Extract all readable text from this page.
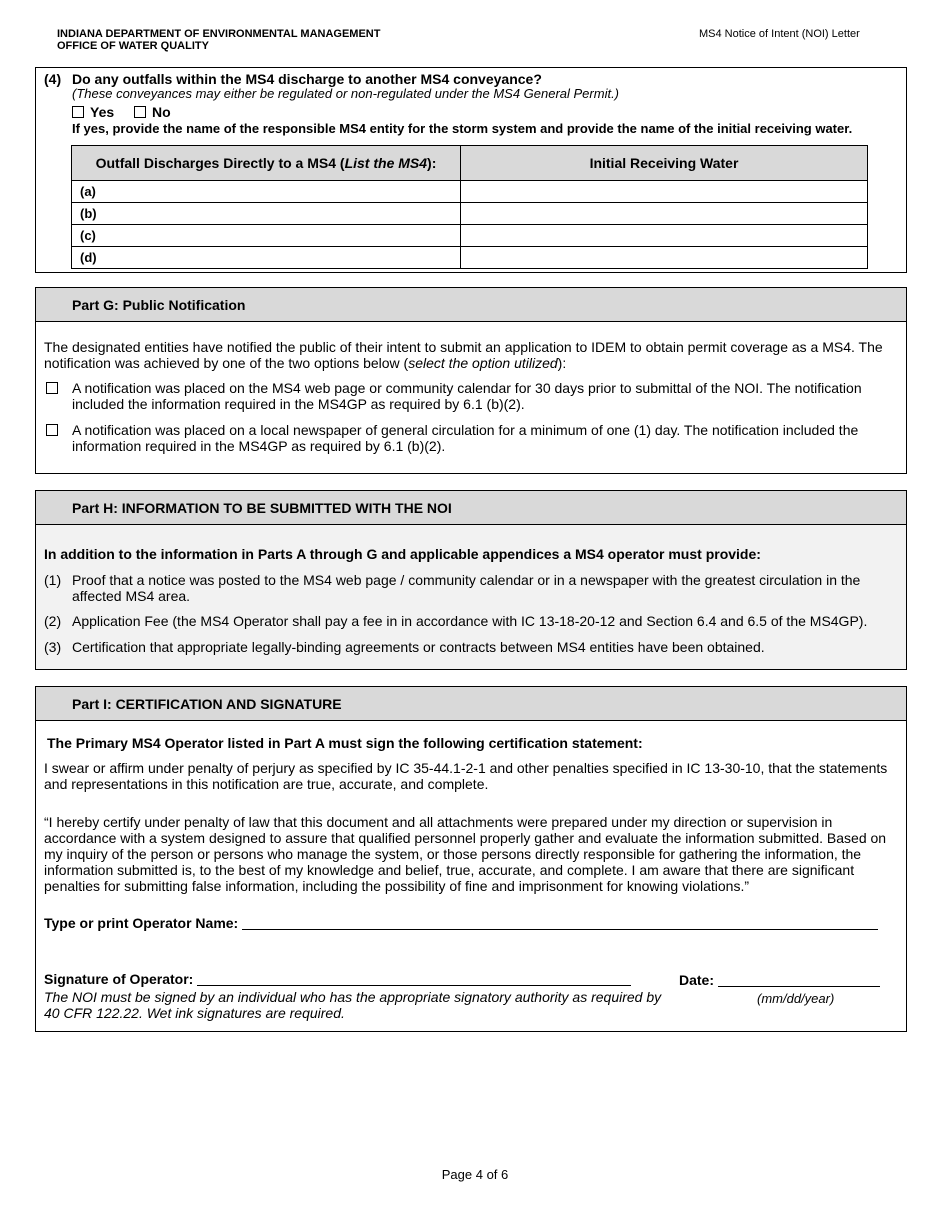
INDIANA DEPARTMENT OF ENVIRONMENTAL MANAGEMENT
OFFICE OF WATER QUALITY
MS4 Notice of Intent (NOI) Letter
(4) Do any outfalls within the MS4 discharge to another MS4 conveyance?
(These conveyances may either be regulated or non-regulated under the MS4 General Permit.)
Yes	No
If yes, provide the name of the responsible MS4 entity for the storm system and provide the name of the initial receiving water.
Outfall Discharges Directly to a MS4 (List the MS4):	Initial Receiving Water
(a)	
(b)	
(c)	
(d)	
Part G: Public Notification
The designated entities have notified the public of their intent to submit an application to IDEM to obtain permit coverage as a MS4. The notification was achieved by one of the two options below (select the option utilized):
A notification was placed on the MS4 web page or community calendar for 30 days prior to submittal of the NOI. The notification included the information required in the MS4GP as required by 6.1 (b)(2).
A notification was placed on a local newspaper of general circulation for a minimum of one (1) day. The notification included the information required in the MS4GP as required by 6.1 (b)(2).
Part H: INFORMATION TO BE SUBMITTED WITH THE NOI
In addition to the information in Parts A through G and applicable appendices a MS4 operator must provide:
(1) Proof that a notice was posted to the MS4 web page / community calendar or in a newspaper with the greatest circulation in the affected MS4 area.
(2) Application Fee (the MS4 Operator shall pay a fee in in accordance with IC 13-18-20-12 and Section 6.4 and 6.5 of the MS4GP).
(3) Certification that appropriate legally-binding agreements or contracts between MS4 entities have been obtained.
Part I: CERTIFICATION AND SIGNATURE
The Primary MS4 Operator listed in Part A must sign the following certification statement:
I swear or affirm under penalty of perjury as specified by IC 35-44.1-2-1 and other penalties specified in IC 13-30-10, that the statements and representations in this notification are true, accurate, and complete.
“I hereby certify under penalty of law that this document and all attachments were prepared under my direction or supervision in accordance with a system designed to assure that qualified personnel properly gather and evaluate the information submitted. Based on my inquiry of the person or persons who manage the system, or those persons directly responsible for gathering the information, the information submitted is, to the best of my knowledge and belief, true, accurate, and complete. I am aware that there are significant penalties for submitting false information, including the possibility of fine and imprisonment for knowing violations.”
Type or print Operator Name:
Signature of Operator:	Date:
(mm/dd/year)
The NOI must be signed by an individual who has the appropriate signatory authority as required by 40 CFR 122.22. Wet ink signatures are required.
Page 4 of 6
